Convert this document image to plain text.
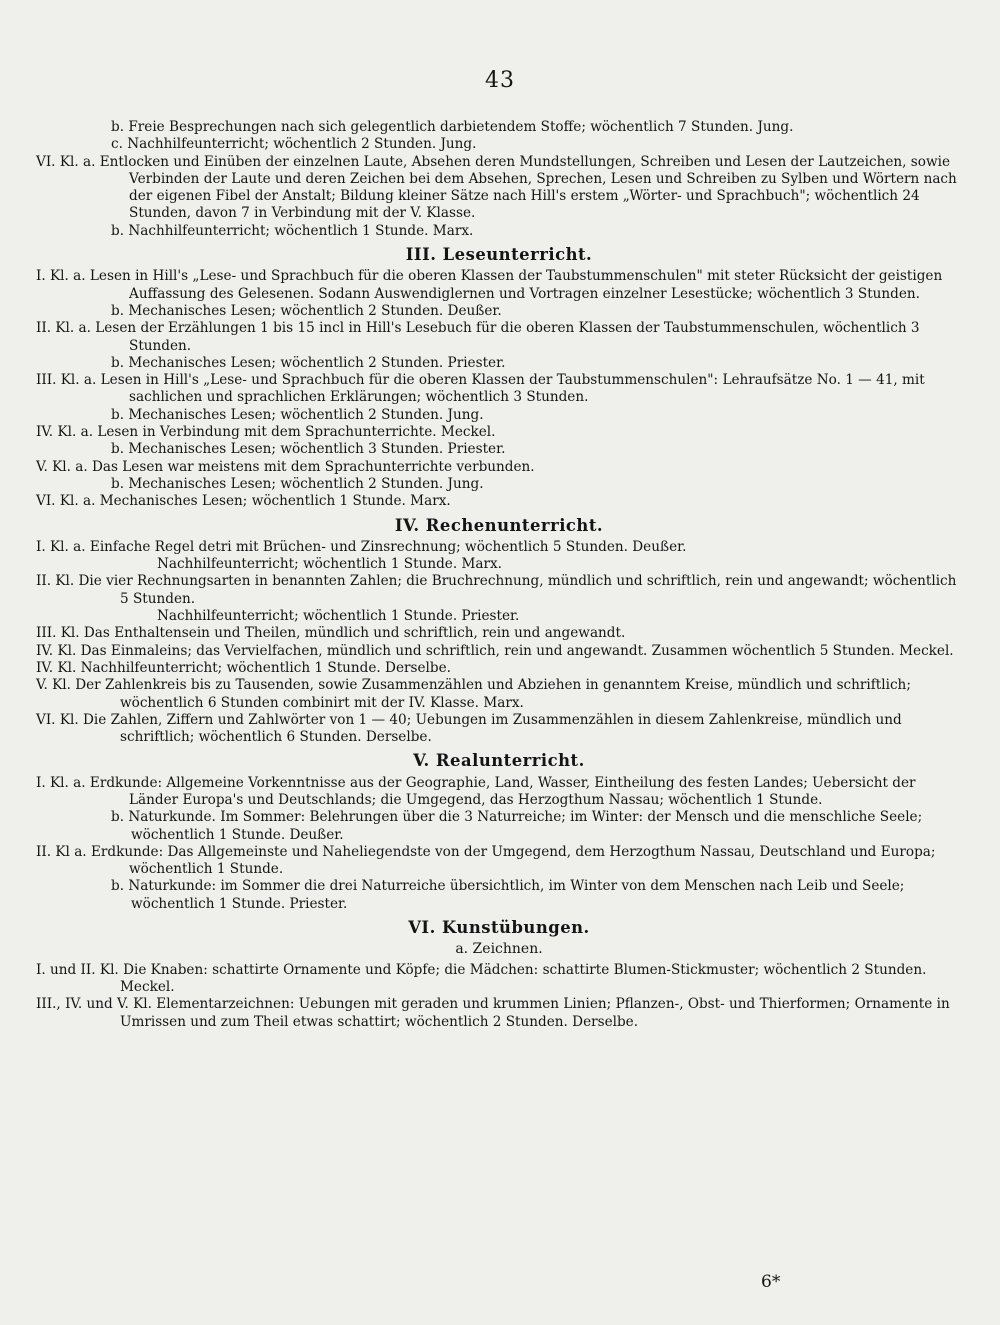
43

b. Freie Besprechungen nach sich gelegentlich darbietendem Stoffe; wöchentlich 7 Stunden. Jung.

c. Nachhilfeunterricht; wöchentlich 2 Stunden. Jung.

VI. Kl. a. Entlocken und Einüben der einzelnen Laute, Absehen deren Mundstellungen, Schreiben und Lesen der Lautzeichen, sowie Verbinden der Laute und deren Zeichen bei dem Absehen, Sprechen, Lesen und Schreiben zu Sylben und Wörtern nach der eigenen Fibel der Anstalt; Bildung kleiner Sätze nach Hill's erstem „Wörter- und Sprachbuch"; wöchentlich 24 Stunden, davon 7 in Verbindung mit der V. Klasse.

b. Nachhilfeunterricht; wöchentlich 1 Stunde. Marx.

III. Leseunterricht.

I. Kl. a. Lesen in Hill's „Lese- und Sprachbuch für die oberen Klassen der Taubstummenschulen" mit steter Rücksicht der geistigen Auffassung des Gelesenen. Sodann Auswendiglernen und Vortragen einzelner Lesestücke; wöchentlich 3 Stunden.

b. Mechanisches Lesen; wöchentlich 2 Stunden. Deußer.

II. Kl. a. Lesen der Erzählungen 1 bis 15 incl in Hill's Lesebuch für die oberen Klassen der Taubstummenschulen, wöchentlich 3 Stunden.

b. Mechanisches Lesen; wöchentlich 2 Stunden. Priester.

III. Kl. a. Lesen in Hill's „Lese- und Sprachbuch für die oberen Klassen der Taubstummenschulen": Lehraufsätze No. 1 — 41, mit sachlichen und sprachlichen Erklärungen; wöchentlich 3 Stunden.

b. Mechanisches Lesen; wöchentlich 2 Stunden. Jung.

IV. Kl. a. Lesen in Verbindung mit dem Sprachunterrichte. Meckel.

b. Mechanisches Lesen; wöchentlich 3 Stunden. Priester.

V. Kl. a. Das Lesen war meistens mit dem Sprachunterrichte verbunden.

b. Mechanisches Lesen; wöchentlich 2 Stunden. Jung.

VI. Kl. a. Mechanisches Lesen; wöchentlich 1 Stunde. Marx.

IV. Rechenunterricht.

I. Kl. a. Einfache Regel detri mit Brüchen- und Zinsrechnung; wöchentlich 5 Stunden. Deußer.

Nachhilfeunterricht; wöchentlich 1 Stunde. Marx.

II. Kl. Die vier Rechnungsarten in benannten Zahlen; die Bruchrechnung, mündlich und schriftlich, rein und angewandt; wöchentlich 5 Stunden.

Nachhilfeunterricht; wöchentlich 1 Stunde. Priester.

III. Kl. Das Enthaltensein und Theilen, mündlich und schriftlich, rein und angewandt.

IV. Kl. Das Einmaleins; das Vervielfachen, mündlich und schriftlich, rein und angewandt. Zusammen wöchentlich 5 Stunden. Meckel.

IV. Kl. Nachhilfeunterricht; wöchentlich 1 Stunde. Derselbe.

V. Kl. Der Zahlenkreis bis zu Tausenden, sowie Zusammenzählen und Abziehen in genanntem Kreise, mündlich und schriftlich; wöchentlich 6 Stunden combinirt mit der IV. Klasse. Marx.

VI. Kl. Die Zahlen, Ziffern und Zahlwörter von 1 — 40; Uebungen im Zusammenzählen in diesem Zahlenkreise, mündlich und schriftlich; wöchentlich 6 Stunden. Derselbe.

V. Realunterricht.

I. Kl. a. Erdkunde: Allgemeine Vorkenntnisse aus der Geographie, Land, Wasser, Eintheilung des festen Landes; Uebersicht der Länder Europa's und Deutschlands; die Umgegend, das Herzogthum Nassau; wöchentlich 1 Stunde.

b. Naturkunde. Im Sommer: Belehrungen über die 3 Naturreiche; im Winter: der Mensch und die menschliche Seele; wöchentlich 1 Stunde. Deußer.

II. Kl a. Erdkunde: Das Allgemeinste und Naheliegendste von der Umgegend, dem Herzogthum Nassau, Deutschland und Europa; wöchentlich 1 Stunde.

b. Naturkunde: im Sommer die drei Naturreiche übersichtlich, im Winter von dem Menschen nach Leib und Seele; wöchentlich 1 Stunde. Priester.

VI. Kunstübungen.
a. Zeichnen.

I. und II. Kl. Die Knaben: schattirte Ornamente und Köpfe; die Mädchen: schattirte Blumen-Stickmuster; wöchentlich 2 Stunden. Meckel.

III., IV. und V. Kl. Elementarzeichnen: Uebungen mit geraden und krummen Linien; Pflanzen-, Obst- und Thierformen; Ornamente in Umrissen und zum Theil etwas schattirt; wöchentlich 2 Stunden. Derselbe.

6*
